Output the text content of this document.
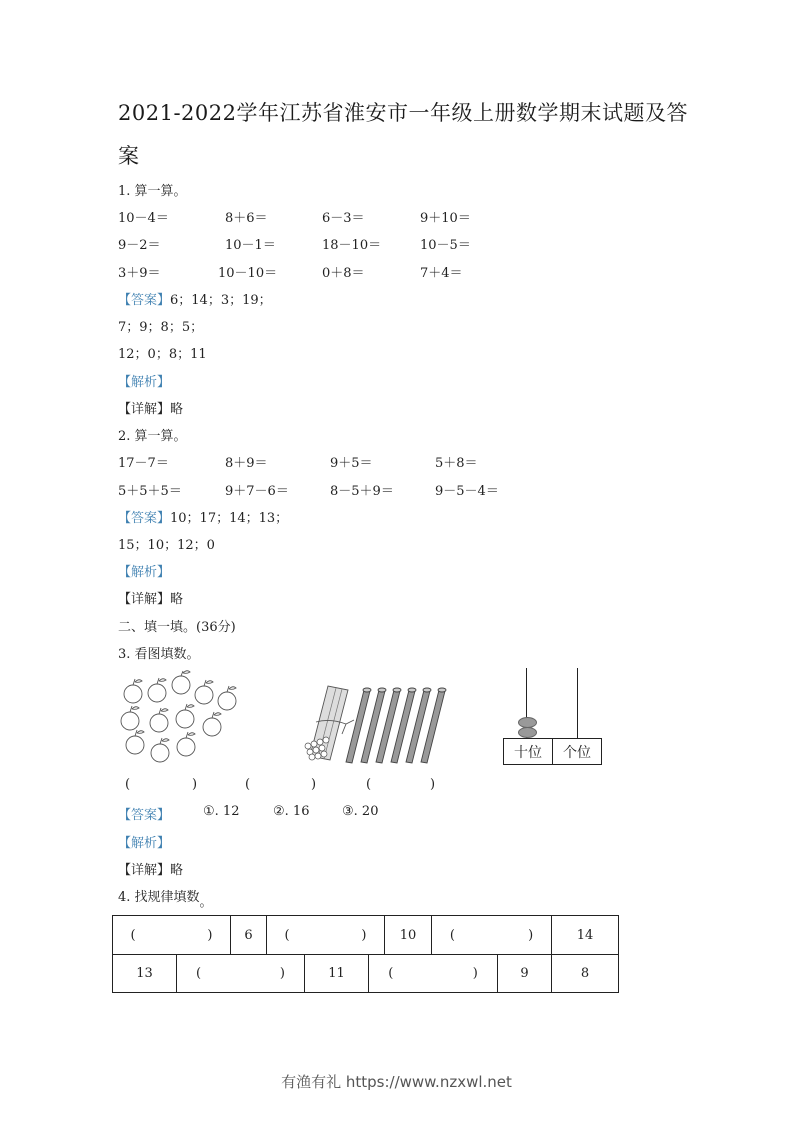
2021-2022学年江苏省淮安市一年级上册数学期末试题及答
案
1. 算一算。
10－4＝	8＋6＝	6－3＝	9＋10＝
9－2＝	10－1＝	18－10＝	10－5＝
3＋9＝	10－10＝	0＋8＝	7＋4＝
【答案】6；14；3；19；
7；9；8；5；
12；0；8；11
【解析】
【详解】略
2. 算一算。
17－7＝	8＋9＝	9＋5＝	5＋8＝
5＋5＋5＝	9＋7－6＝	8－5＋9＝	9－5－4＝
【答案】10；17；14；13；
15；10；12；0
【解析】
【详解】略
二、填一填。(36分)
3. 看图填数。
十位	个位
(	)	(	)	(	)
【答案】	①. 12	②. 16	③. 20
【解析】
【详解】略
4. 找规律填数。
(	)	6	(	)	10	(	)	14
13	(	)	11	(	)	9	8
有渔有礼 https://www.nzxwl.net
